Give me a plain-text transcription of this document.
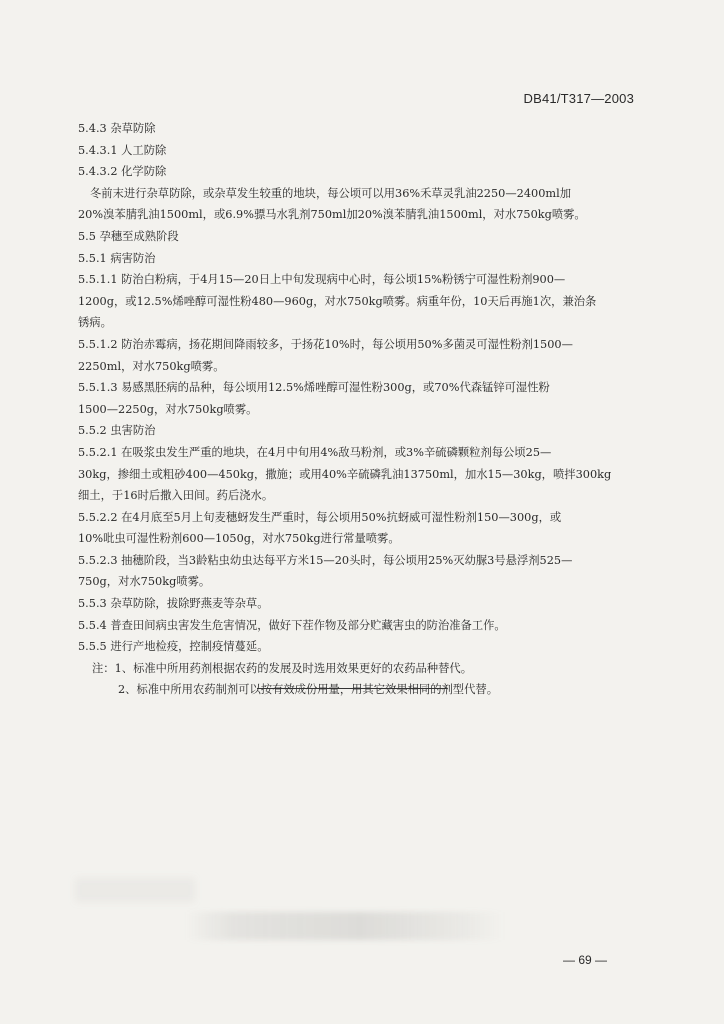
DB41/T317—2003
5.4.3 杂草防除
5.4.3.1 人工防除
5.4.3.2 化学防除
冬前末进行杂草防除，或杂草发生较重的地块，每公顷可以用36%禾草灵乳油2250—2400ml加
20%溴苯腈乳油1500ml，或6.9%骠马水乳剂750ml加20%溴苯腈乳油1500ml，对水750kg喷雾。
5.5 孕穗至成熟阶段
5.5.1 病害防治
5.5.1.1 防治白粉病，于4月15—20日上中旬发现病中心时，每公顷15%粉锈宁可湿性粉剂900—
1200g，或12.5%烯唑醇可湿性粉480—960g，对水750kg喷雾。病重年份，10天后再施1次，兼治条
锈病。
5.5.1.2 防治赤霉病，扬花期间降雨较多，于扬花10%时，每公顷用50%多菌灵可湿性粉剂1500—
2250ml，对水750kg喷雾。
5.5.1.3 易感黑胚病的品种，每公顷用12.5%烯唑醇可湿性粉300g，或70%代森锰锌可湿性粉
1500—2250g，对水750kg喷雾。
5.5.2 虫害防治
5.5.2.1 在吸浆虫发生严重的地块，在4月中旬用4%敌马粉剂，或3%辛硫磷颗粒剂每公顷25—
30kg，掺细土或粗砂400—450kg，撒施；或用40%辛硫磷乳油13750ml，加水15—30kg，喷拌300kg
细土，于16时后撒入田间。药后浇水。
5.5.2.2 在4月底至5月上旬麦穗蚜发生严重时，每公顷用50%抗蚜威可湿性粉剂150—300g，或
10%吡虫可湿性粉剂600—1050g，对水750kg进行常量喷雾。
5.5.2.3 抽穗阶段，当3龄粘虫幼虫达每平方米15—20头时，每公顷用25%灭幼脲3号悬浮剂525—
750g，对水750kg喷雾。
5.5.3 杂草防除，拔除野燕麦等杂草。
5.5.4 普查田间病虫害发生危害情况，做好下茬作物及部分贮藏害虫的防治准备工作。
5.5.5 进行产地检疫，控制疫情蔓延。
注：1、标准中所用药剂根据农药的发展及时选用效果更好的农药品种替代。
2、标准中所用农药制剂可以按有效成份用量，用其它效果相同的剂型代替。
— 69 —
